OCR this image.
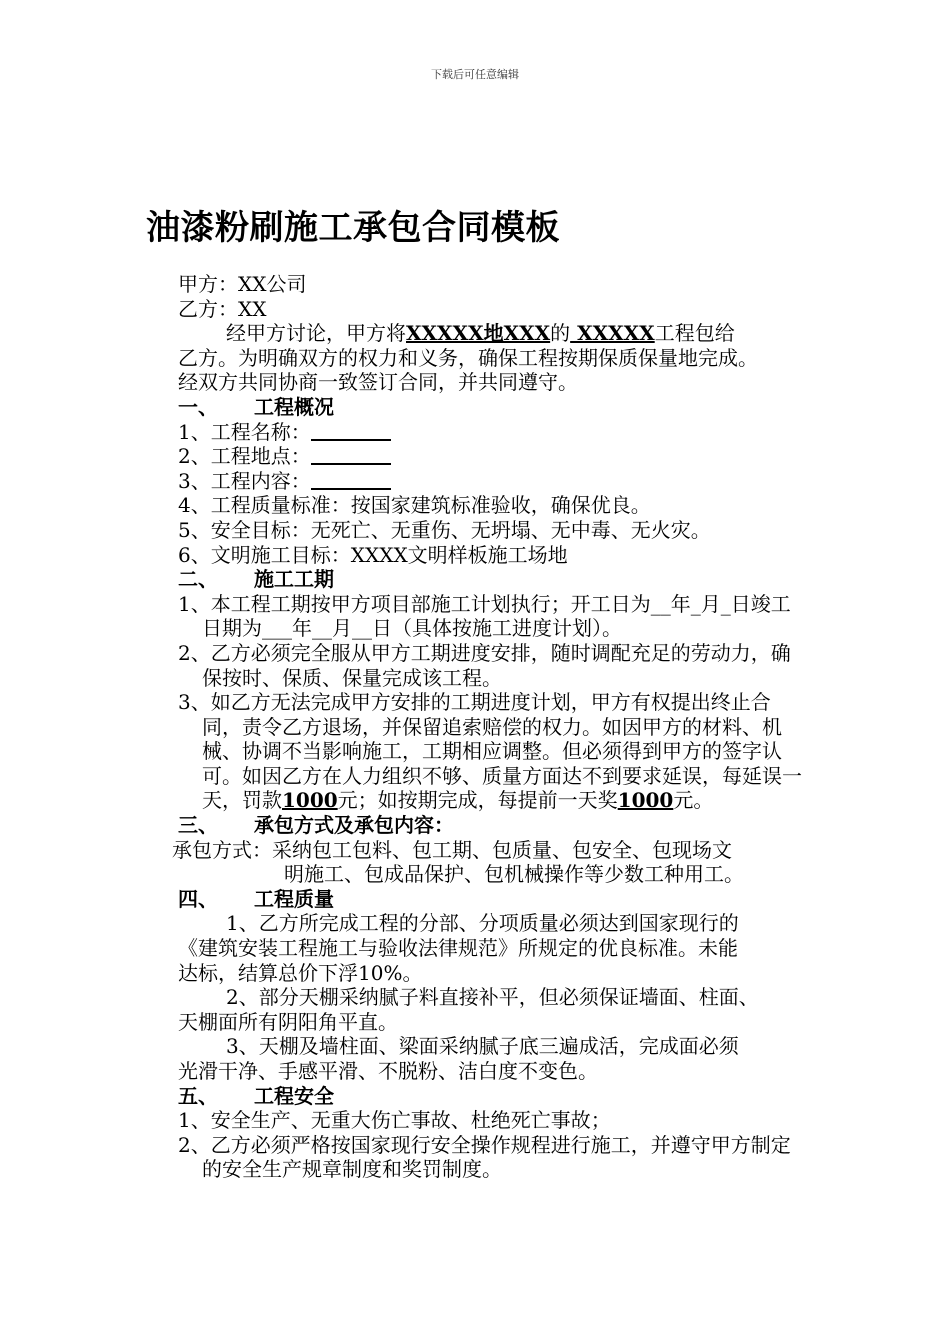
下载后可任意编辑
油漆粉刷施工承包合同模板

甲方：XX公司

乙方：XX

经甲方讨论，甲方将XXXXX地XXX的 XXXXX工程包给

乙方。为明确双方的权力和义务，确保工程按期保质保量地完成。

经双方共同协商一致签订合同，并共同遵守。

一、 工程概况

1、工程名称：

2、工程地点：

3、工程内容：

4、工程质量标准：按国家建筑标准验收，确保优良。

5、安全目标：无死亡、无重伤、无坍塌、无中毒、无火灾。

6、文明施工目标：XXXX文明样板施工场地

二、 施工工期

1、本工程工期按甲方项目部施工计划执行；开工日为__年_月_日竣工日期为___年__月__日（具体按施工进度计划）。

2、乙方必须完全服从甲方工期进度安排，随时调配充足的劳动力，确保按时、保质、保量完成该工程。

3、如乙方无法完成甲方安排的工期进度计划，甲方有权提出终止合同，责令乙方退场，并保留追索赔偿的权力。如因甲方的材料、机械、协调不当影响施工，工期相应调整。但必须得到甲方的签字认可。如因乙方在人力组织不够、质量方面达不到要求延误，每延误一天，罚款1000元；如按期完成，每提前一天奖1000元。

三、 承包方式及承包内容：

承包方式：采纳包工包料、包工期、包质量、包安全、包现场文
明施工、包成品保护、包机械操作等少数工种用工。

四、 工程质量

1、乙方所完成工程的分部、分项质量必须达到国家现行的

《建筑安装工程施工与验收法律规范》所规定的优良标准。未能

达标，结算总价下浮10%。

2、部分天棚采纳腻子料直接补平，但必须保证墙面、柱面、

天棚面所有阴阳角平直。

3、天棚及墙柱面、梁面采纳腻子底三遍成活，完成面必须

光滑干净、手感平滑、不脱粉、洁白度不变色。

五、 工程安全

1、安全生产、无重大伤亡事故、杜绝死亡事故；

2、乙方必须严格按国家现行安全操作规程进行施工，并遵守甲方制定的安全生产规章制度和奖罚制度。
